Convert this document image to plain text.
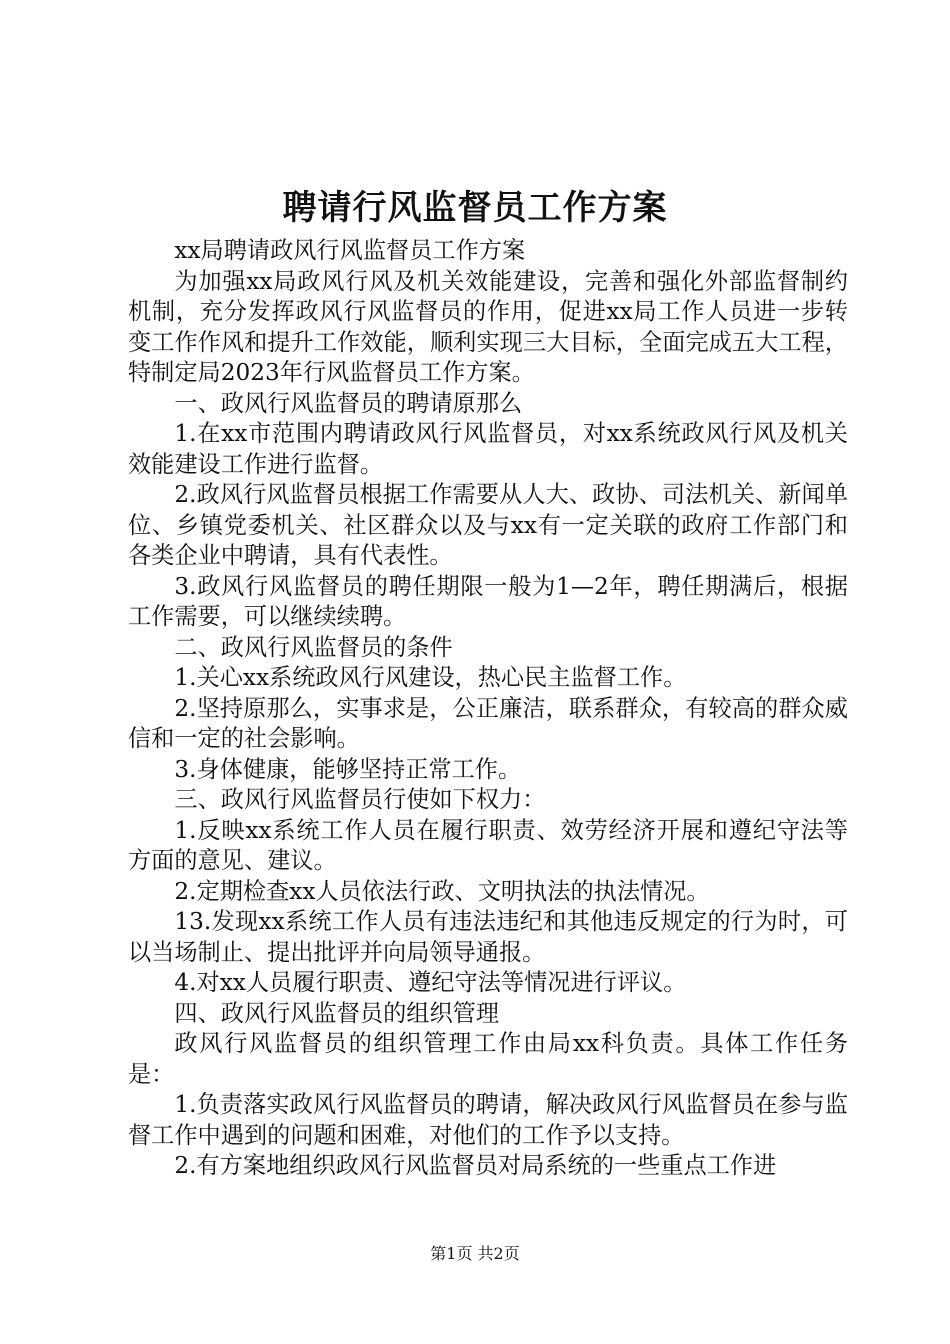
聘请行风监督员工作方案

xx局聘请政风行风监督员工作方案

为加强xx局政风行风及机关效能建设，完善和强化外部监督制约机制，充分发挥政风行风监督员的作用，促进xx局工作人员进一步转变工作作风和提升工作效能，顺利实现三大目标，全面完成五大工程，特制定局2023年行风监督员工作方案。

一、政风行风监督员的聘请原那么

1.在xx市范围内聘请政风行风监督员，对xx系统政风行风及机关效能建设工作进行监督。

2.政风行风监督员根据工作需要从人大、政协、司法机关、新闻单位、乡镇党委机关、社区群众以及与xx有一定关联的政府工作部门和各类企业中聘请，具有代表性。

3.政风行风监督员的聘任期限一般为1—2年，聘任期满后，根据工作需要，可以继续续聘。

二、政风行风监督员的条件

1.关心xx系统政风行风建设，热心民主监督工作。

2.坚持原那么，实事求是，公正廉洁，联系群众，有较高的群众威信和一定的社会影响。

3.身体健康，能够坚持正常工作。

三、政风行风监督员行使如下权力：

1.反映xx系统工作人员在履行职责、效劳经济开展和遵纪守法等方面的意见、建议。

2.定期检查xx人员依法行政、文明执法的执法情况。

13.发现xx系统工作人员有违法违纪和其他违反规定的行为时，可以当场制止、提出批评并向局领导通报。

4.对xx人员履行职责、遵纪守法等情况进行评议。

四、政风行风监督员的组织管理

政风行风监督员的组织管理工作由局xx科负责。具体工作任务是：

1.负责落实政风行风监督员的聘请，解决政风行风监督员在参与监督工作中遇到的问题和困难，对他们的工作予以支持。

2.有方案地组织政风行风监督员对局系统的一些重点工作进

第1页 共2页
